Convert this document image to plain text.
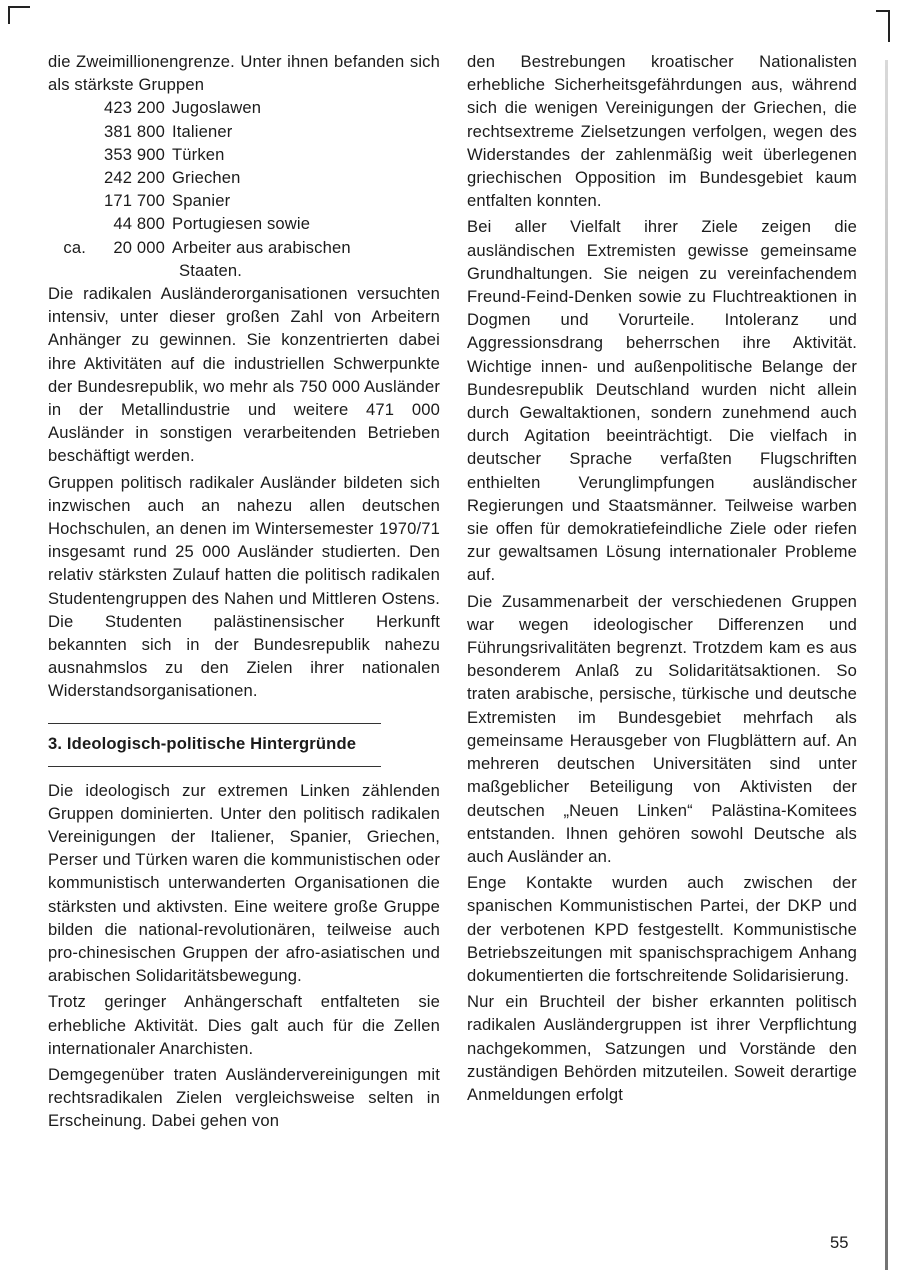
die Zweimillionengrenze. Unter ihnen befanden sich als stärkste Gruppen

423 200 Jugoslawen
381 800 Italiener
353 900 Türken
242 200 Griechen
171 700 Spanier
44 800 Portugiesen sowie
ca.	20 000 Arbeiter aus arabischen
Staaten.

Die radikalen Ausländerorganisationen versuchten intensiv, unter dieser großen Zahl von Arbeitern Anhänger zu gewinnen. Sie konzentrierten dabei ihre Aktivitäten auf die industriellen Schwerpunkte der Bundesrepublik, wo mehr als 750 000 Ausländer in der Metallindustrie und weitere 471 000 Ausländer in sonstigen verarbeitenden Betrieben beschäftigt werden.

Gruppen politisch radikaler Ausländer bildeten sich inzwischen auch an nahezu allen deutschen Hochschulen, an denen im Wintersemester 1970/71 insgesamt rund 25 000 Ausländer studierten. Den relativ stärksten Zulauf hatten die politisch radikalen Studentengruppen des Nahen und Mittleren Ostens. Die Studenten palästinensischer Herkunft bekannten sich in der Bundesrepublik nahezu ausnahmslos zu den Zielen ihrer nationalen Widerstandsorganisationen.

3. Ideologisch-politische Hintergründe

Die ideologisch zur extremen Linken zählenden Gruppen dominierten. Unter den politisch radikalen Vereinigungen der Italiener, Spanier, Griechen, Perser und Türken waren die kommunistischen oder kommunistisch unterwanderten Organisationen die stärksten und aktivsten. Eine weitere große Gruppe bilden die national-revolutionären, teilweise auch pro-chinesischen Gruppen der afro-asiatischen und arabischen Solidaritätsbewegung.

Trotz geringer Anhängerschaft entfalteten sie erhebliche Aktivität. Dies galt auch für die Zellen internationaler Anarchisten.

Demgegenüber traten Ausländervereinigungen mit rechtsradikalen Zielen vergleichsweise selten in Erscheinung. Dabei gehen von

den Bestrebungen kroatischer Nationalisten erhebliche Sicherheitsgefährdungen aus, während sich die wenigen Vereinigungen der Griechen, die rechtsextreme Zielsetzungen verfolgen, wegen des Widerstandes der zahlenmäßig weit überlegenen griechischen Opposition im Bundesgebiet kaum entfalten konnten.

Bei aller Vielfalt ihrer Ziele zeigen die ausländischen Extremisten gewisse gemeinsame Grundhaltungen. Sie neigen zu vereinfachendem Freund-Feind-Denken sowie zu Fluchtreaktionen in Dogmen und Vorurteile. Intoleranz und Aggressionsdrang beherrschen ihre Aktivität. Wichtige innen- und außenpolitische Belange der Bundesrepublik Deutschland wurden nicht allein durch Gewaltaktionen, sondern zunehmend auch durch Agitation beeinträchtigt. Die vielfach in deutscher Sprache verfaßten Flugschriften enthielten Verunglimpfungen ausländischer Regierungen und Staatsmänner. Teilweise warben sie offen für demokratiefeindliche Ziele oder riefen zur gewaltsamen Lösung internationaler Probleme auf.

Die Zusammenarbeit der verschiedenen Gruppen war wegen ideologischer Differenzen und Führungsrivalitäten begrenzt. Trotzdem kam es aus besonderem Anlaß zu Solidaritätsaktionen. So traten arabische, persische, türkische und deutsche Extremisten im Bundesgebiet mehrfach als gemeinsame Herausgeber von Flugblättern auf. An mehreren deutschen Universitäten sind unter maßgeblicher Beteiligung von Aktivisten der deutschen „Neuen Linken“ Palästina-Komitees entstanden. Ihnen gehören sowohl Deutsche als auch Ausländer an.

Enge Kontakte wurden auch zwischen der spanischen Kommunistischen Partei, der DKP und der verbotenen KPD festgestellt. Kommunistische Betriebszeitungen mit spanischsprachigem Anhang dokumentierten die fortschreitende Solidarisierung.

Nur ein Bruchteil der bisher erkannten politisch radikalen Ausländergruppen ist ihrer Verpflichtung nachgekommen, Satzungen und Vorstände den zuständigen Behörden mitzuteilen. Soweit derartige Anmeldungen erfolgt

55
